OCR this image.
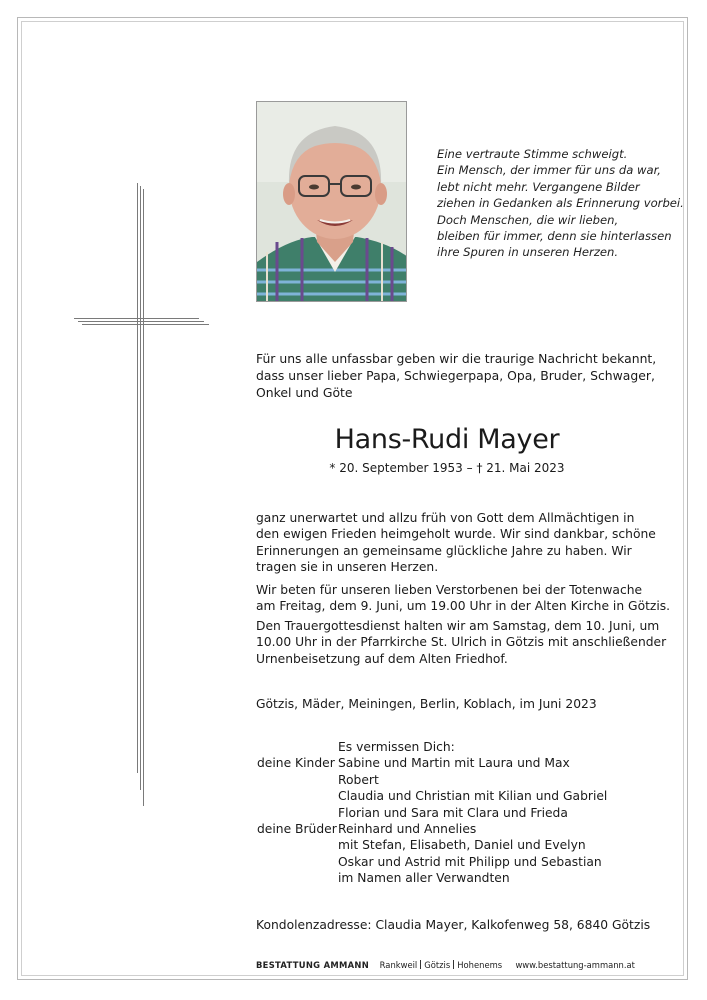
Eine vertraute Stimme schweigt.
Ein Mensch, der immer für uns da war,
lebt nicht mehr. Vergangene Bilder
ziehen in Gedanken als Erinnerung vorbei.
Doch Menschen, die wir lieben,
bleiben für immer, denn sie hinterlassen
ihre Spuren in unseren Herzen.
Für uns alle unfassbar geben wir die traurige Nachricht bekannt,
dass unser lieber Papa, Schwiegerpapa, Opa, Bruder, Schwager,
Onkel und Göte
Hans-Rudi Mayer
* 20. September 1953 – † 21. Mai 2023
ganz unerwartet und allzu früh von Gott dem Allmächtigen in
den ewigen Frieden heimgeholt wurde. Wir sind dankbar, schöne
Erinnerungen an gemeinsame glückliche Jahre zu haben. Wir
tragen sie in unseren Herzen.
Wir beten für unseren lieben Verstorbenen bei der Totenwache
am Freitag, dem 9. Juni, um 19.00 Uhr in der Alten Kirche in Götzis.
Den Trauergottesdienst halten wir am Samstag, dem 10. Juni, um
10.00 Uhr in der Pfarrkirche St. Ulrich in Götzis mit anschließender
Urnenbeisetzung auf dem Alten Friedhof.
Götzis, Mäder, Meiningen, Berlin, Koblach, im Juni 2023
Es vermissen Dich:
deine Kinder Sabine und Martin mit Laura und Max
Robert
Claudia und Christian mit Kilian und Gabriel
Florian und Sara mit Clara und Frieda
deine Brüder Reinhard und Annelies
mit Stefan, Elisabeth, Daniel und Evelyn
Oskar und Astrid mit Philipp und Sebastian
im Namen aller Verwandten
Kondolenzadresse: Claudia Mayer, Kalkofenweg 58, 6840 Götzis
BESTATTUNG AMMANN Rankweil Götzis Hohenems www.bestattung-ammann.at
